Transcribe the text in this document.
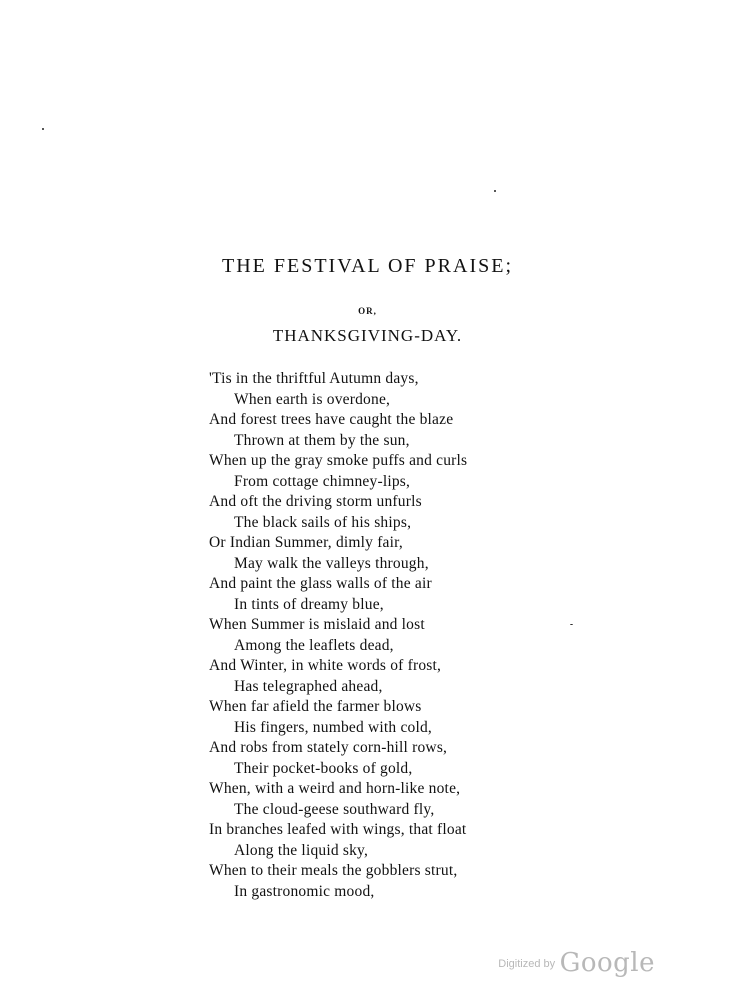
THE FESTIVAL OF PRAISE;
OR,
THANKSGIVING-DAY.
'Tis in the thriftful Autumn days,
When earth is overdone,
And forest trees have caught the blaze
Thrown at them by the sun,
When up the gray smoke puffs and curls
From cottage chimney-lips,
And oft the driving storm unfurls
The black sails of his ships,
Or Indian Summer, dimly fair,
May walk the valleys through,
And paint the glass walls of the air
In tints of dreamy blue,
When Summer is mislaid and lost
Among the leaflets dead,
And Winter, in white words of frost,
Has telegraphed ahead,
When far afield the farmer blows
His fingers, numbed with cold,
And robs from stately corn-hill rows,
Their pocket-books of gold,
When, with a weird and horn-like note,
The cloud-geese southward fly,
In branches leafed with wings, that float
Along the liquid sky,
When to their meals the gobblers strut,
In gastronomic mood,
$^{Digitized by}$ Google
